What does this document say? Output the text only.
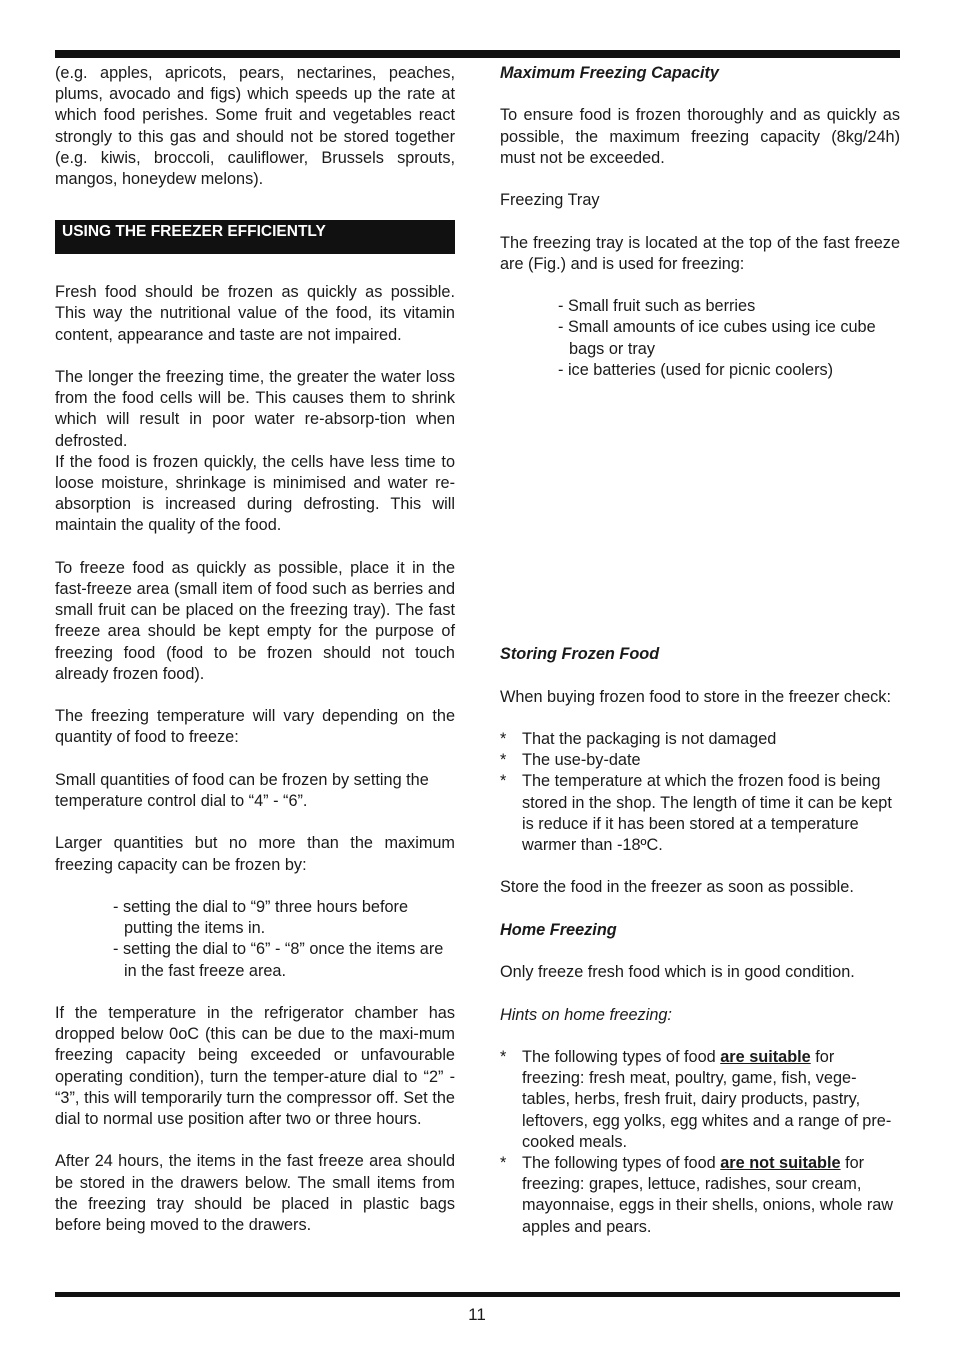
(e.g. apples, apricots, pears, nectarines, peaches, plums, avocado and figs) which speeds up the rate at which food perishes. Some fruit and vegetables react strongly to this gas and should not be stored together (e.g. kiwis, broccoli, cauliflower, Brussels sprouts, mangos, honeydew melons).

USING THE FREEZER EFFICIENTLY

Fresh food should be frozen as quickly as possible. This way the nutritional value of the food, its vitamin content, appearance and taste are not impaired.

The longer the freezing time, the greater the water loss from the food cells will be. This causes them to shrink which will result in poor water re-absorp-tion when defrosted.

If the food is frozen quickly, the cells have less time to loose moisture, shrinkage is minimised and water re-absorption is increased during defrosting. This will maintain the quality of the food.

To freeze food as quickly as possible, place it in the fast-freeze area (small item of food such as berries and small fruit can be placed on the freezing tray). The fast freeze area should be kept empty for the purpose of freezing food (food to be frozen should not touch already frozen food).

The freezing temperature will vary depending on the quantity of food to freeze:

Small quantities of food can be frozen by setting the temperature control dial to “4” - “6”.

Larger quantities but no more than the maximum freezing capacity can be frozen by:

- setting the dial to “9” three hours before putting the items in.
- setting the dial to “6” - “8” once the items are in the fast freeze area.

If the temperature in the refrigerator chamber has dropped below 0oC (this can be due to the maxi-mum freezing capacity being exceeded or unfavourable operating condition), turn the temper-ature dial to “2” - “3”, this will temporarily turn the compressor off. Set the dial to normal use position after two or three hours.

After 24 hours, the items in the fast freeze area should be stored in the drawers below. The small items from the freezing tray should be placed in plastic bags before being moved to the drawers.

Maximum Freezing Capacity

To ensure food is frozen thoroughly and as quickly as possible, the maximum freezing capacity (8kg/24h) must not be exceeded.

Freezing Tray

The freezing tray is located at the top of the fast freeze are (Fig.) and is used for freezing:

- Small fruit such as berries
- Small amounts of ice cubes using ice cube bags or tray
- ice batteries (used for picnic coolers)

Storing Frozen Food

When buying frozen food to store in the freezer check:

* That the packaging is not damaged
* The use-by-date
* The temperature at which the frozen food is being stored in the shop. The length of time it can be kept is reduce if it has been stored at a temperature warmer than -18ºC.

Store the food in the freezer as soon as possible.

Home Freezing

Only freeze fresh food which is in good condition.

Hints on home freezing:

* The following types of food are suitable for freezing: fresh meat, poultry, game, fish, vege-tables, herbs, fresh fruit, dairy products, pastry, leftovers, egg yolks, egg whites and a range of pre- cooked meals.
* The following types of food are not suitable for freezing: grapes, lettuce, radishes, sour cream, mayonnaise, eggs in their shells, onions, whole raw apples and pears.
11
